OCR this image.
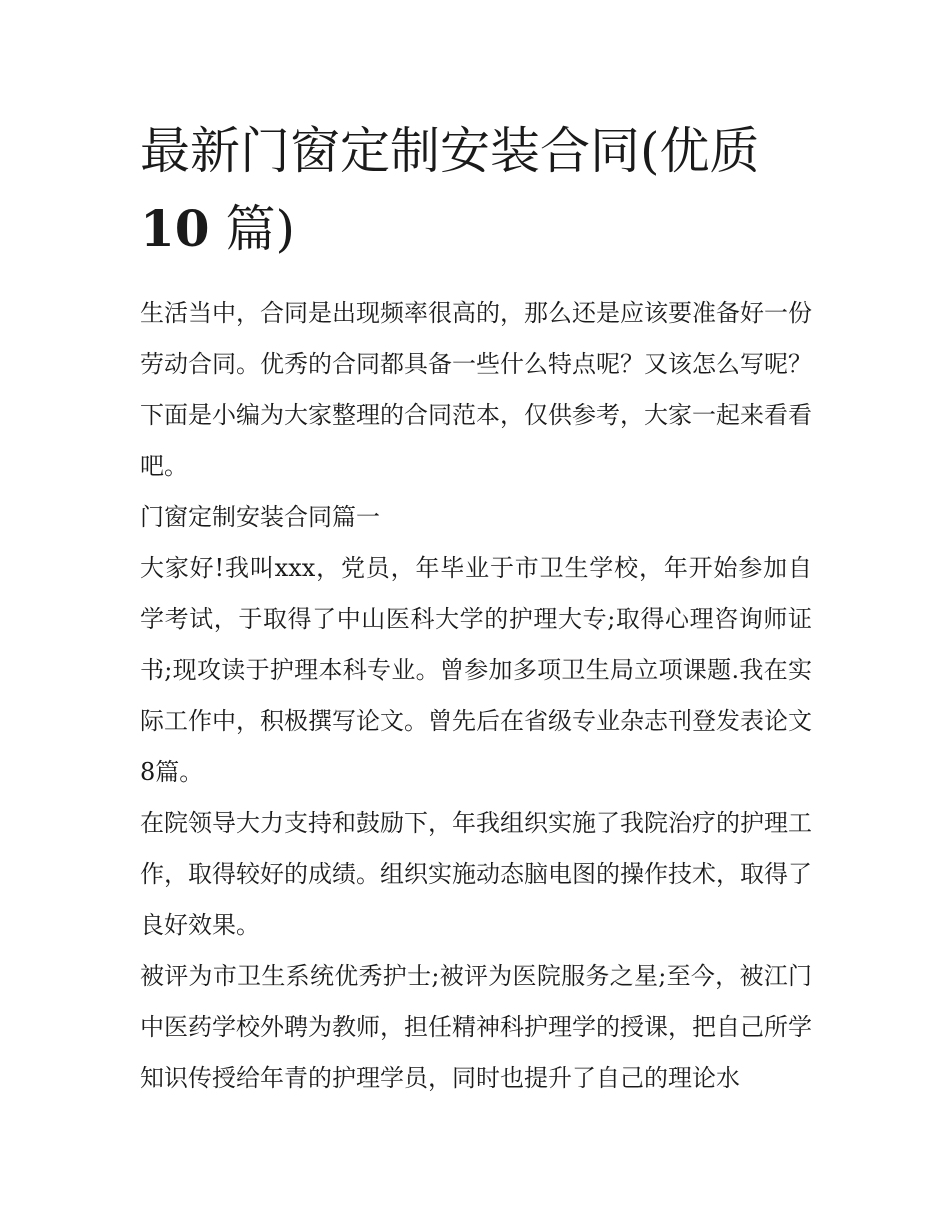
最新门窗定制安装合同(优质
10 篇)

生活当中，合同是出现频率很高的，那么还是应该要准备好一份劳动合同。优秀的合同都具备一些什么特点呢？又该怎么写呢？下面是小编为大家整理的合同范本，仅供参考，大家一起来看看吧。

门窗定制安装合同篇一

大家好!我叫xxx，党员，年毕业于市卫生学校，年开始参加自学考试，于取得了中山医科大学的护理大专;取得心理咨询师证书;现攻读于护理本科专业。曾参加多项卫生局立项课题.我在实际工作中，积极撰写论文。曾先后在省级专业杂志刊登发表论文8篇。

在院领导大力支持和鼓励下，年我组织实施了我院治疗的护理工作，取得较好的成绩。组织实施动态脑电图的操作技术，取得了良好效果。

被评为市卫生系统优秀护士;被评为医院服务之星;至今，被江门中医药学校外聘为教师，担任精神科护理学的授课，把自己所学知识传授给年青的护理学员，同时也提升了自己的理论水
